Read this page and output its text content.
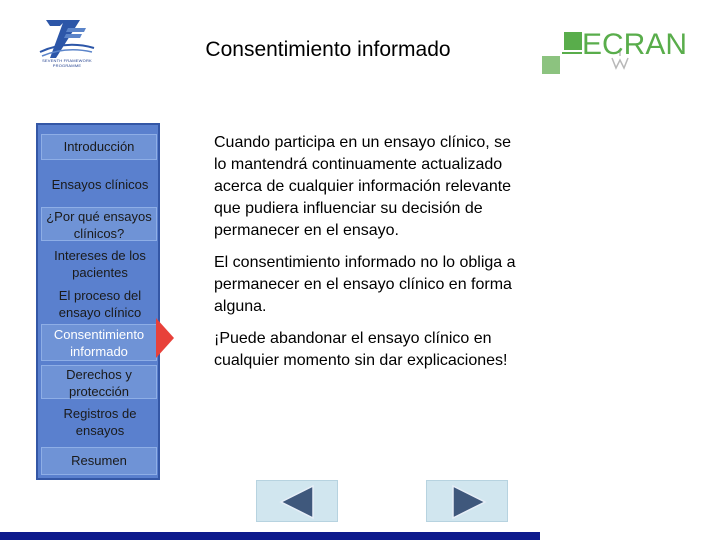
SEVENTH FRAMEWORK PROGRAMME
Consentimiento informado	ECRAN
Introducción
Ensayos clínicos
¿Por qué ensayos clínicos?
Intereses de los pacientes
El proceso del ensayo clínico
Consentimiento informado
Derechos y protección
Registros de ensayos
Resumen

Cuando participa en un ensayo clínico, se lo mantendrá continuamente actualizado acerca de cualquier información relevante que pudiera influenciar su decisión de permanecer en el ensayo.

El consentimiento informado no lo obliga a permanecer en el ensayo clínico en forma alguna.

¡Puede abandonar el ensayo clínico en cualquier momento sin dar explicaciones!
